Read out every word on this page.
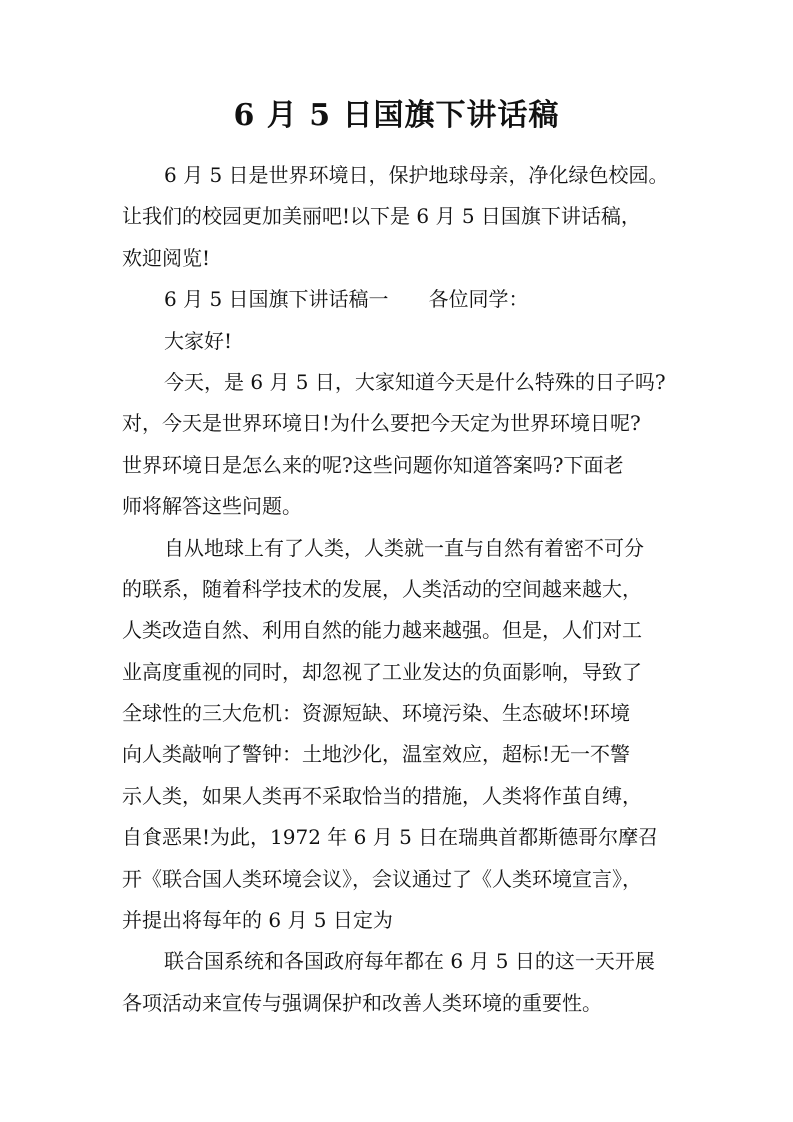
6 月 5 日国旗下讲话稿
6 月 5 日是世界环境日，保护地球母亲，净化绿色校园。
让我们的校园更加美丽吧!以下是 6 月 5 日国旗下讲话稿，
欢迎阅览!
6 月 5 日国旗下讲话稿一　　各位同学：
大家好!
今天，是 6 月 5 日，大家知道今天是什么特殊的日子吗?
对，今天是世界环境日!为什么要把今天定为世界环境日呢?
世界环境日是怎么来的呢?这些问题你知道答案吗?下面老
师将解答这些问题。
自从地球上有了人类，人类就一直与自然有着密不可分
的联系，随着科学技术的发展，人类活动的空间越来越大，
人类改造自然、利用自然的能力越来越强。但是，人们对工
业高度重视的同时，却忽视了工业发达的负面影响，导致了
全球性的三大危机：资源短缺、环境污染、生态破坏!环境
向人类敲响了警钟：土地沙化，温室效应，超标!无一不警
示人类，如果人类再不采取恰当的措施，人类将作茧自缚，
自食恶果!为此，1972 年 6 月 5 日在瑞典首都斯德哥尔摩召
开《联合国人类环境会议》，会议通过了《人类环境宣言》，
并提出将每年的 6 月 5 日定为
联合国系统和各国政府每年都在 6 月 5 日的这一天开展
各项活动来宣传与强调保护和改善人类环境的重要性。
